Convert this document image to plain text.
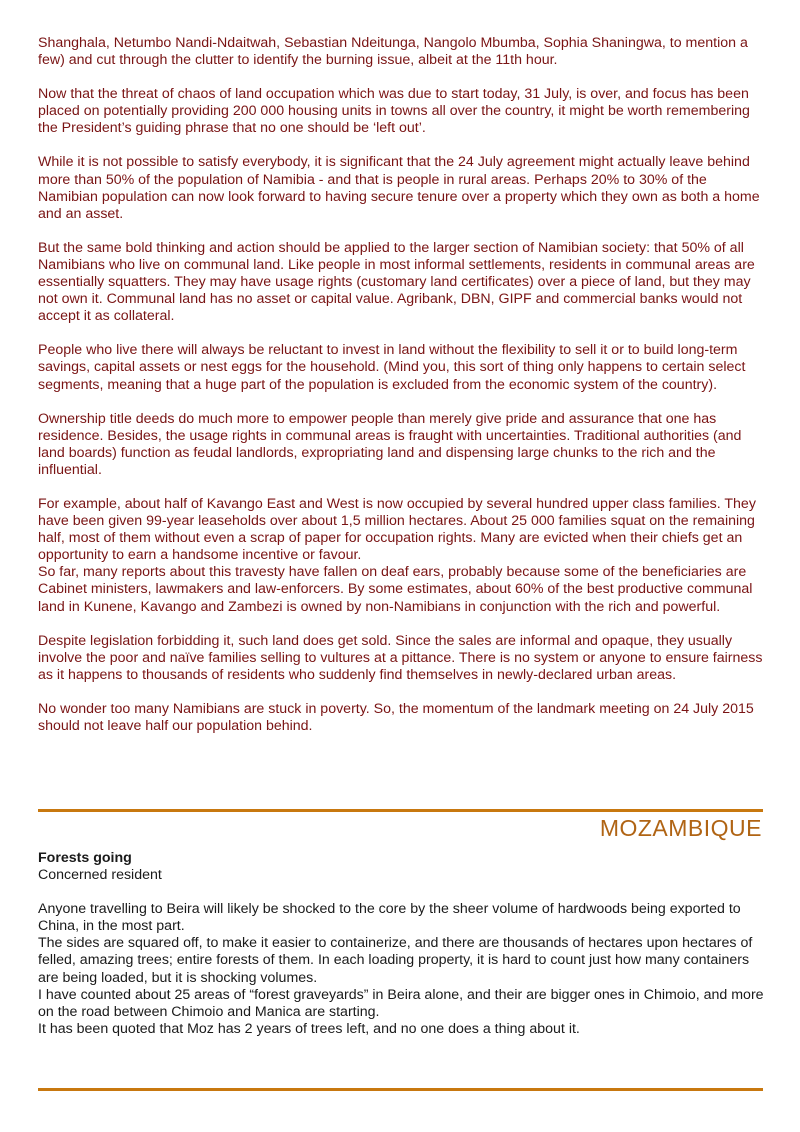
Shanghala, Netumbo Nandi-Ndaitwah, Sebastian Ndeitunga, Nangolo Mbumba, Sophia Shaningwa, to mention a few) and cut through the clutter to identify the burning issue, albeit at the 11th hour.

Now that the threat of chaos of land occupation which was due to start today, 31 July, is over, and focus has been placed on potentially providing 200 000 housing units in towns all over the country, it might be worth remembering the President’s guiding phrase that no one should be ‘left out’.

While it is not possible to satisfy everybody, it is significant that the 24 July agreement might actually leave behind more than 50% of the population of Namibia - and that is people in rural areas. Perhaps 20% to 30% of the Namibian population can now look forward to having secure tenure over a property which they own as both a home and an asset.

But the same bold thinking and action should be applied to the larger section of Namibian society: that 50% of all Namibians who live on communal land. Like people in most informal settlements, residents in communal areas are essentially squatters. They may have usage rights (customary land certificates) over a piece of land, but they may not own it. Communal land has no asset or capital value. Agribank, DBN, GIPF and commercial banks would not accept it as collateral.

People who live there will always be reluctant to invest in land without the flexibility to sell it or to build long-term savings, capital assets or nest eggs for the household. (Mind you, this sort of thing only happens to certain select segments, meaning that a huge part of the population is excluded from the economic system of the country).

Ownership title deeds do much more to empower people than merely give pride and assurance that one has residence. Besides, the usage rights in communal areas is fraught with uncertainties. Traditional authorities (and land boards) function as feudal landlords, expropriating land and dispensing large chunks to the rich and the influential.

For example, about half of Kavango East and West is now occupied by several hundred upper class families. They have been given 99-year leaseholds over about 1,5 million hectares. About 25 000 families squat on the remaining half, most of them without even a scrap of paper for occupation rights. Many are evicted when their chiefs get an opportunity to earn a handsome incentive or favour.

So far, many reports about this travesty have fallen on deaf ears, probably because some of the beneficiaries are Cabinet ministers, lawmakers and law-enforcers. By some estimates, about 60% of the best productive communal land in Kunene, Kavango and Zambezi is owned by non-Namibians in conjunction with the rich and powerful.

Despite legislation forbidding it, such land does get sold. Since the sales are informal and opaque, they usually involve the poor and naïve families selling to vultures at a pittance. There is no system or anyone to ensure fairness as it happens to thousands of residents who suddenly find themselves in newly-declared urban areas.

No wonder too many Namibians are stuck in poverty. So, the momentum of the landmark meeting on 24 July 2015 should not leave half our population behind.

MOZAMBIQUE

Forests going

Concerned resident

Anyone travelling to Beira will likely be shocked to the core by the sheer volume of hardwoods being exported to China, in the most part.

The sides are squared off, to make it easier to containerize, and there are thousands of hectares upon hectares of felled, amazing trees; entire forests of them. In each loading property, it is hard to count just how many containers are being loaded, but it is shocking volumes.

I have counted about 25 areas of “forest graveyards” in Beira alone, and their are bigger ones in Chimoio, and more on the road between Chimoio and Manica are starting.

It has been quoted that Moz has 2 years of trees left, and no one does a thing about it.
